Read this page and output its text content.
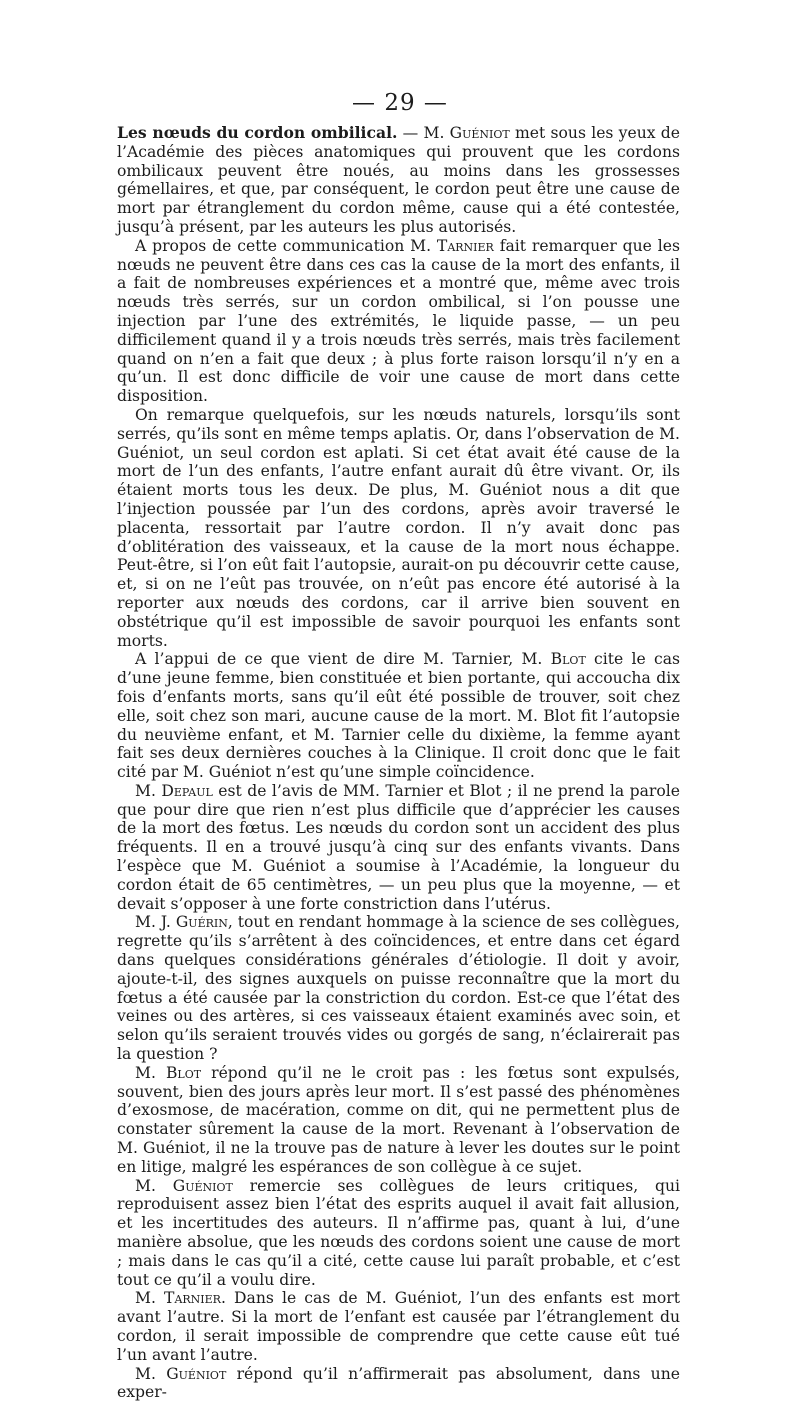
— 29 —

Les nœuds du cordon ombilical. — M. Guéniot met sous les yeux de l’Académie des pièces anatomiques qui prouvent que les cordons ombilicaux peuvent être noués, au moins dans les grossesses gémellaires, et que, par conséquent, le cordon peut être une cause de mort par étranglement du cordon même, cause qui a été contestée, jusqu’à présent, par les auteurs les plus autorisés.

A propos de cette communication M. Tarnier fait remarquer que les nœuds ne peuvent être dans ces cas la cause de la mort des enfants, il a fait de nombreuses expériences et a montré que, même avec trois nœuds très serrés, sur un cordon ombilical, si l’on pousse une injection par l’une des extrémités, le liquide passe, — un peu difficilement quand il y a trois nœuds très serrés, mais très facilement quand on n’en a fait que deux ; à plus forte raison lorsqu’il n’y en a qu’un. Il est donc difficile de voir une cause de mort dans cette disposition.

On remarque quelquefois, sur les nœuds naturels, lorsqu’ils sont serrés, qu’ils sont en même temps aplatis. Or, dans l’observation de M. Guéniot, un seul cordon est aplati. Si cet état avait été cause de la mort de l’un des enfants, l’autre enfant aurait dû être vivant. Or, ils étaient morts tous les deux. De plus, M. Guéniot nous a dit que l’injection poussée par l’un des cordons, après avoir traversé le placenta, ressortait par l’autre cordon. Il n’y avait donc pas d’oblitération des vaisseaux, et la cause de la mort nous échappe. Peut-être, si l’on eût fait l’autopsie, aurait-on pu découvrir cette cause, et, si on ne l’eût pas trouvée, on n’eût pas encore été autorisé à la reporter aux nœuds des cordons, car il arrive bien souvent en obstétrique qu’il est impossible de savoir pourquoi les enfants sont morts.

A l’appui de ce que vient de dire M. Tarnier, M. Blot cite le cas d’une jeune femme, bien constituée et bien portante, qui accoucha dix fois d’enfants morts, sans qu’il eût été possible de trouver, soit chez elle, soit chez son mari, aucune cause de la mort. M. Blot fit l’autopsie du neuvième enfant, et M. Tarnier celle du dixième, la femme ayant fait ses deux dernières couches à la Clinique. Il croit donc que le fait cité par M. Guéniot n’est qu’une simple coïncidence.

M. Depaul est de l’avis de MM. Tarnier et Blot ; il ne prend la parole que pour dire que rien n’est plus difficile que d’apprécier les causes de la mort des fœtus. Les nœuds du cordon sont un accident des plus fréquents. Il en a trouvé jusqu’à cinq sur des enfants vivants. Dans l’espèce que M. Guéniot a soumise à l’Académie, la longueur du cordon était de 65 centimètres, — un peu plus que la moyenne, — et devait s’opposer à une forte constriction dans l’utérus.

M. J. Guérin, tout en rendant hommage à la science de ses collègues, regrette qu’ils s’arrêtent à des coïncidences, et entre dans cet égard dans quelques considérations générales d’étiologie. Il doit y avoir, ajoute-t-il, des signes auxquels on puisse reconnaître que la mort du fœtus a été causée par la constriction du cordon. Est-ce que l’état des veines ou des artères, si ces vaisseaux étaient examinés avec soin, et selon qu’ils seraient trouvés vides ou gorgés de sang, n’éclairerait pas la question ?

M. Blot répond qu’il ne le croit pas : les fœtus sont expulsés, souvent, bien des jours après leur mort. Il s’est passé des phénomènes d’exosmose, de macération, comme on dit, qui ne permettent plus de constater sûrement la cause de la mort. Revenant à l’observation de M. Guéniot, il ne la trouve pas de nature à lever les doutes sur le point en litige, malgré les espérances de son collègue à ce sujet.

M. Guéniot remercie ses collègues de leurs critiques, qui reproduisent assez bien l’état des esprits auquel il avait fait allusion, et les incertitudes des auteurs. Il n’affirme pas, quant à lui, d’une manière absolue, que les nœuds des cordons soient une cause de mort ; mais dans le cas qu’il a cité, cette cause lui paraît probable, et c’est tout ce qu’il a voulu dire.

M. Tarnier. Dans le cas de M. Guéniot, l’un des enfants est mort avant l’autre. Si la mort de l’enfant est causée par l’étranglement du cordon, il serait impossible de comprendre que cette cause eût tué l’un avant l’autre.

M. Guéniot répond qu’il n’affirmerait pas absolument, dans une exper-
